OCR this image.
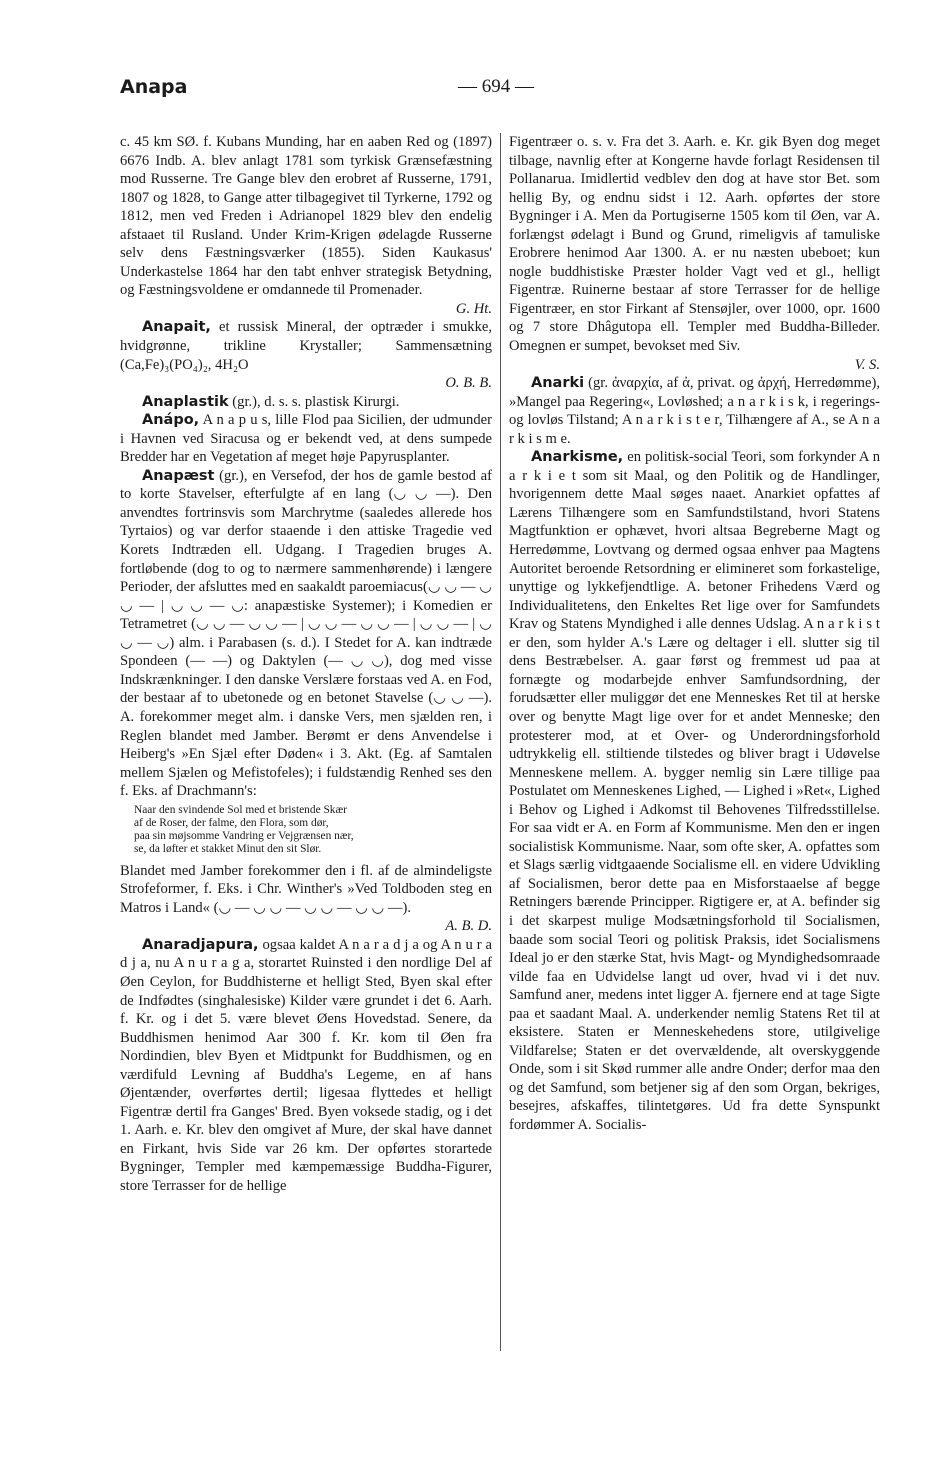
Anapa	— 694 —

c. 45 km SØ. f. Kubans Munding, har en aaben Red og (1897) 6676 Indb. A. blev anlagt 1781 som tyrkisk Grænsefæstning mod Russerne. Tre Gange blev den erobret af Russerne, 1791, 1807 og 1828, to Gange atter tilbagegivet til Tyrkerne, 1792 og 1812, men ved Freden i Adrianopel 1829 blev den endelig afstaaet til Rusland. Under Krim-Krigen ødelagde Russerne selv dens Fæstningsværker (1855). Siden Kaukasus' Underkastelse 1864 har den tabt enhver strategisk Betydning, og Fæstningsvoldene er omdannede til Promenader.
G. Ht.

Anapait, et russisk Mineral, der optræder i smukke, hvidgrønne, trikline Krystaller; Sammensætning (Ca,Fe)₃(PO₄)₂, 4H₂O
O. B. B.

Anaplastik (gr.), d. s. s. plastisk Kirurgi.

Anápo, A n a p u s, lille Flod paa Sicilien, der udmunder i Havnen ved Siracusa og er bekendt ved, at dens sumpede Bredder har en Vegetation af meget høje Papyrusplanter.

Anapæst (gr.), en Versefod, der hos de gamle bestod af to korte Stavelser, efterfulgte af en lang (◡ ◡ —). Den anvendtes fortrinsvis som Marchrytme (saaledes allerede hos Tyrtaios) og var derfor staaende i den attiske Tragedie ved Korets Indtræden ell. Udgang. I Tragedien bruges A. fortløbende (dog to og to nærmere sammenhørende) i længere Perioder, der afsluttes med en saakaldt paroemiacus(◡ ◡ — ◡ ◡ — | ◡ ◡ — ◡: anapæstiske Systemer); i Komedien er Tetrametret (◡ ◡ — ◡ ◡ — | ◡ ◡ — ◡ ◡ — | ◡ ◡ — | ◡ ◡ — ◡) alm. i Parabasen (s. d.). I Stedet for A. kan indtræde Spondeen (— —) og Daktylen (— ◡ ◡), dog med visse Indskrænkninger. I den danske Verslære forstaas ved A. en Fod, der bestaar af to ubetonede og en betonet Stavelse (◡ ◡ —). A. forekommer meget alm. i danske Vers, men sjælden ren, i Reglen blandet med Jamber. Berømt er dens Anvendelse i Heiberg's »En Sjæl efter Døden« i 3. Akt. (Eg. af Samtalen mellem Sjælen og Mefistofeles); i fuldstændig Renhed ses den f. Eks. af Drachmann's:

Naar den svindende Sol med et bristende Skær
af de Roser, der falme, den Flora, som dør,
paa sin møjsomme Vandring er Vejgrænsen nær,
se, da løfter et stakket Minut den sit Slør.

Blandet med Jamber forekommer den i fl. af de almindeligste Strofeformer, f. Eks. i Chr. Winther's »Ved Toldboden steg en Matros i Land« (◡ — ◡ ◡ — ◡ ◡ — ◡ ◡ —).
A. B. D.

Anaradjapura, ogsaa kaldet A n a r a d j a og A n u r a d j a, nu A n u r a g a, storartet Ruinsted i den nordlige Del af Øen Ceylon, for Buddhisterne et helligt Sted, Byen skal efter de Indfødtes (singhalesiske) Kilder være grundet i det 6. Aarh. f. Kr. og i det 5. være blevet Øens Hovedstad. Senere, da Buddhismen henimod Aar 300 f. Kr. kom til Øen fra Nordindien, blev Byen et Midtpunkt for Buddhismen, og en værdifuld Levning af Buddha's Legeme, en af hans Øjentænder, overførtes dertil; ligesaa flyttedes et helligt Figentræ dertil fra Ganges' Bred. Byen voksede stadig, og i det 1. Aarh. e. Kr. blev den omgivet af Mure, der skal have dannet en Firkant, hvis Side var 26 km. Der opførtes storartede Bygninger, Templer med kæmpemæssige Buddha-Figurer, store Terrasser for de hellige

Figentræer o. s. v. Fra det 3. Aarh. e. Kr. gik Byen dog meget tilbage, navnlig efter at Kongerne havde forlagt Residensen til Pollanarua. Imidlertid vedblev den dog at have stor Bet. som hellig By, og endnu sidst i 12. Aarh. opførtes der store Bygninger i A. Men da Portugiserne 1505 kom til Øen, var A. forlængst ødelagt i Bund og Grund, rimeligvis af tamuliske Erobrere henimod Aar 1300. A. er nu næsten ubeboet; kun nogle buddhistiske Præster holder Vagt ved et gl., helligt Figentræ. Ruinerne bestaar af store Terrasser for de hellige Figentræer, en stor Firkant af Stensøjler, over 1000, opr. 1600 og 7 store Dhâgutopa ell. Templer med Buddha-Billeder. Omegnen er sumpet, bevokset med Siv.
V. S.

Anarki (gr. ἀναρχία, af ἀ, privat. og ἀρχή, Herredømme), »Mangel paa Regering«, Lovløshed; a n a r k i s k, i regerings- og lovløs Tilstand; A n a r k i s t e r, Tilhængere af A., se A n a r k i s m e.

Anarkisme, en politisk-social Teori, som forkynder A n a r k i e t som sit Maal, og den Politik og de Handlinger, hvorigennem dette Maal søges naaet. Anarkiet opfattes af Lærens Tilhængere som en Samfundstilstand, hvori Statens Magtfunktion er ophævet, hvori altsaa Begreberne Magt og Herredømme, Lovtvang og dermed ogsaa enhver paa Magtens Autoritet beroende Retsordning er elimineret som forkastelige, unyttige og lykkefjendtlige. A. betoner Frihedens Værd og Individualitetens, den Enkeltes Ret lige over for Samfundets Krav og Statens Myndighed i alle dennes Udslag. A n a r k i s t er den, som hylder A.'s Lære og deltager i ell. slutter sig til dens Bestræbelser. A. gaar først og fremmest ud paa at fornægte og modarbejde enhver Samfundsordning, der forudsætter eller muliggør det ene Menneskes Ret til at herske over og benytte Magt lige over for et andet Menneske; den protesterer mod, at et Over- og Underordningsforhold udtrykkelig ell. stiltiende tilstedes og bliver bragt i Udøvelse Menneskene mellem. A. bygger nemlig sin Lære tillige paa Postulatet om Menneskenes Lighed, — Lighed i »Ret«, Lighed i Behov og Lighed i Adkomst til Behovenes Tilfredsstillelse. For saa vidt er A. en Form af Kommunisme. Men den er ingen socialistisk Kommunisme. Naar, som ofte sker, A. opfattes som et Slags særlig vidtgaaende Socialisme ell. en videre Udvikling af Socialismen, beror dette paa en Misforstaaelse af begge Retningers bærende Principper. Rigtigere er, at A. befinder sig i det skarpest mulige Modsætningsforhold til Socialismen, baade som social Teori og politisk Praksis, idet Socialismens Ideal jo er den stærke Stat, hvis Magt- og Myndighedsomraade vilde faa en Udvidelse langt ud over, hvad vi i det nuv. Samfund aner, medens intet ligger A. fjernere end at tage Sigte paa et saadant Maal. A. underkender nemlig Statens Ret til at eksistere. Staten er Menneskehedens store, utilgivelige Vildfarelse; Staten er det overvældende, alt overskyggende Onde, som i sit Skød rummer alle andre Onder; derfor maa den og det Samfund, som betjener sig af den som Organ, bekriges, besejres, afskaffes, tilintetgøres. Ud fra dette Synspunkt fordømmer A. Socialis-
